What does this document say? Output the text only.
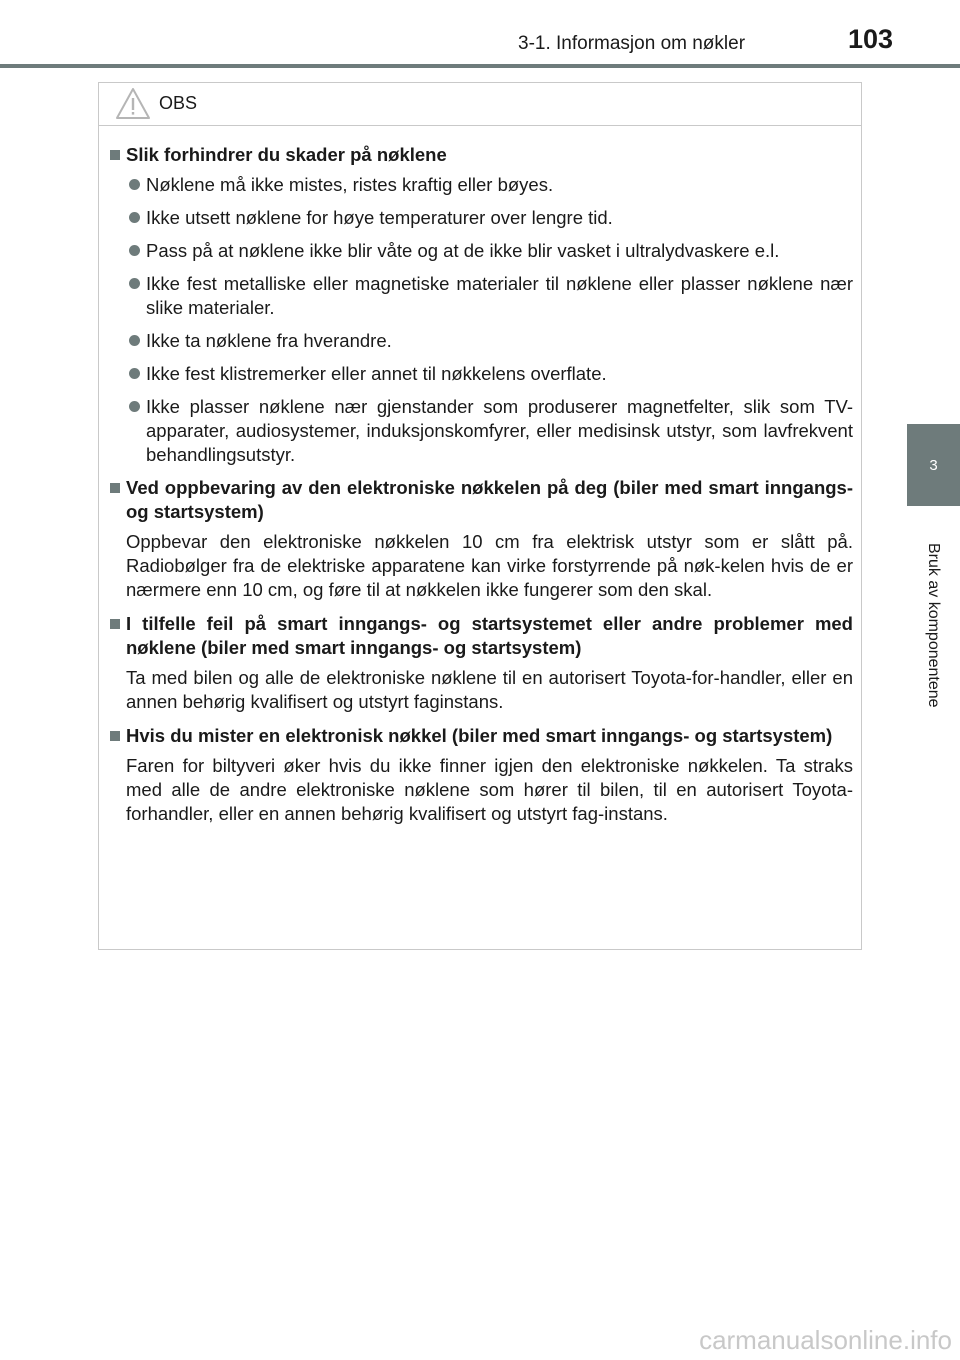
3-1. Informasjon om nøkler	103
3
Bruk av komponentene
OBS
Slik forhindrer du skader på nøklene
Nøklene må ikke mistes, ristes kraftig eller bøyes.
Ikke utsett nøklene for høye temperaturer over lengre tid.
Pass på at nøklene ikke blir våte og at de ikke blir vasket i ultralydvaskere e.l.
Ikke fest metalliske eller magnetiske materialer til nøklene eller plasser nøklene nær slike materialer.
Ikke ta nøklene fra hverandre.
Ikke fest klistremerker eller annet til nøkkelens overflate.
Ikke plasser nøklene nær gjenstander som produserer magnetfelter, slik som TV-apparater, audiosystemer, induksjonskomfyrer, eller medisinsk utstyr, som lavfrekvent behandlingsutstyr.
Ved oppbevaring av den elektroniske nøkkelen på deg (biler med smart inngangs- og startsystem)
Oppbevar den elektroniske nøkkelen 10 cm fra elektrisk utstyr som er slått på. Radiobølger fra de elektriske apparatene kan virke forstyrrende på nøk-kelen hvis de er nærmere enn 10 cm, og føre til at nøkkelen ikke fungerer som den skal.
I tilfelle feil på smart inngangs- og startsystemet eller andre problemer med nøklene (biler med smart inngangs- og startsystem)
Ta med bilen og alle de elektroniske nøklene til en autorisert Toyota-for-handler, eller en annen behørig kvalifisert og utstyrt faginstans.
Hvis du mister en elektronisk nøkkel (biler med smart inngangs- og startsystem)
Faren for biltyveri øker hvis du ikke finner igjen den elektroniske nøkkelen. Ta straks med alle de andre elektroniske nøklene som hører til bilen, til en autorisert Toyota-forhandler, eller en annen behørig kvalifisert og utstyrt fag-instans.
carmanualsonline.info
